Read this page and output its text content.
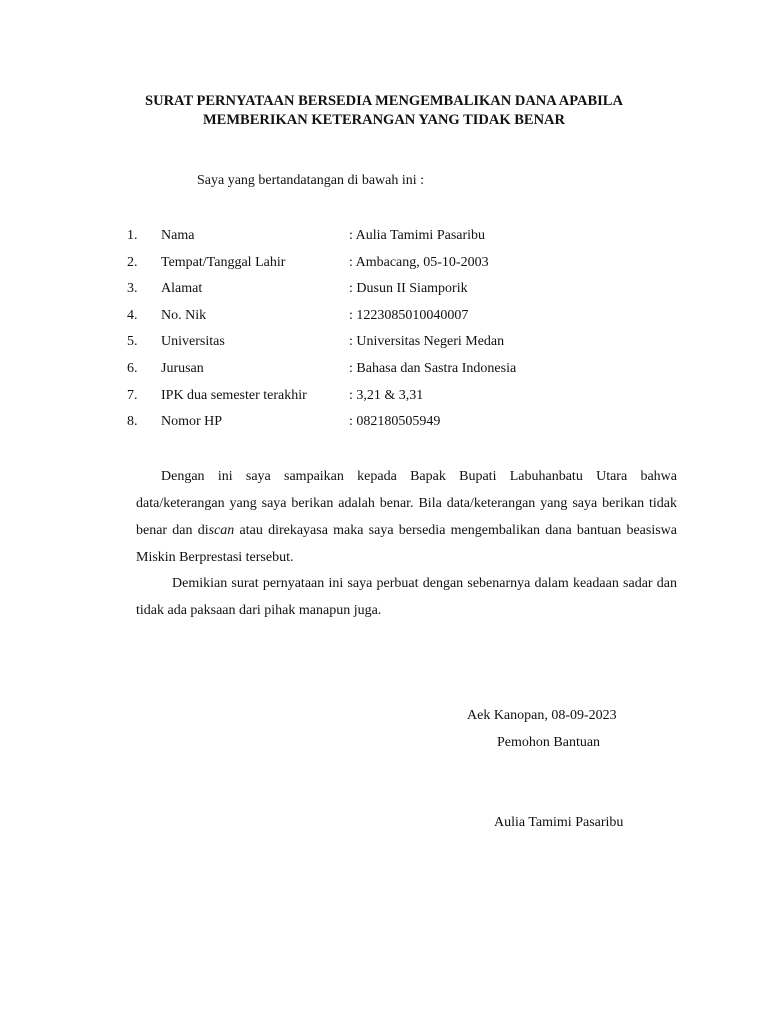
SURAT PERNYATAAN BERSEDIA MENGEMBALIKAN DANA APABILA
MEMBERIKAN KETERANGAN YANG TIDAK BENAR
Saya yang bertandatangan di bawah ini :
1. Nama	: Aulia Tamimi Pasaribu
2. Tempat/Tanggal Lahir	: Ambacang, 05-10-2003
3. Alamat	: Dusun II Siamporik
4. No. Nik	: 1223085010040007
5. Universitas	: Universitas Negeri Medan
6. Jurusan	: Bahasa dan Sastra Indonesia
7. IPK dua semester terakhir	: 3,21 & 3,31
8. Nomor HP	: 082180505949
Dengan ini saya sampaikan kepada Bapak Bupati Labuhanbatu Utara bahwa data/keterangan yang saya berikan adalah benar. Bila data/keterangan yang saya berikan tidak benar dan discan atau direkayasa maka saya bersedia mengembalikan dana bantuan beasiswa Miskin Berprestasi tersebut.
Demikian surat pernyataan ini saya perbuat dengan sebenarnya dalam keadaan sadar dan tidak ada paksaan dari pihak manapun juga.
Aek Kanopan, 08-09-2023
Pemohon Bantuan
Aulia Tamimi Pasaribu
